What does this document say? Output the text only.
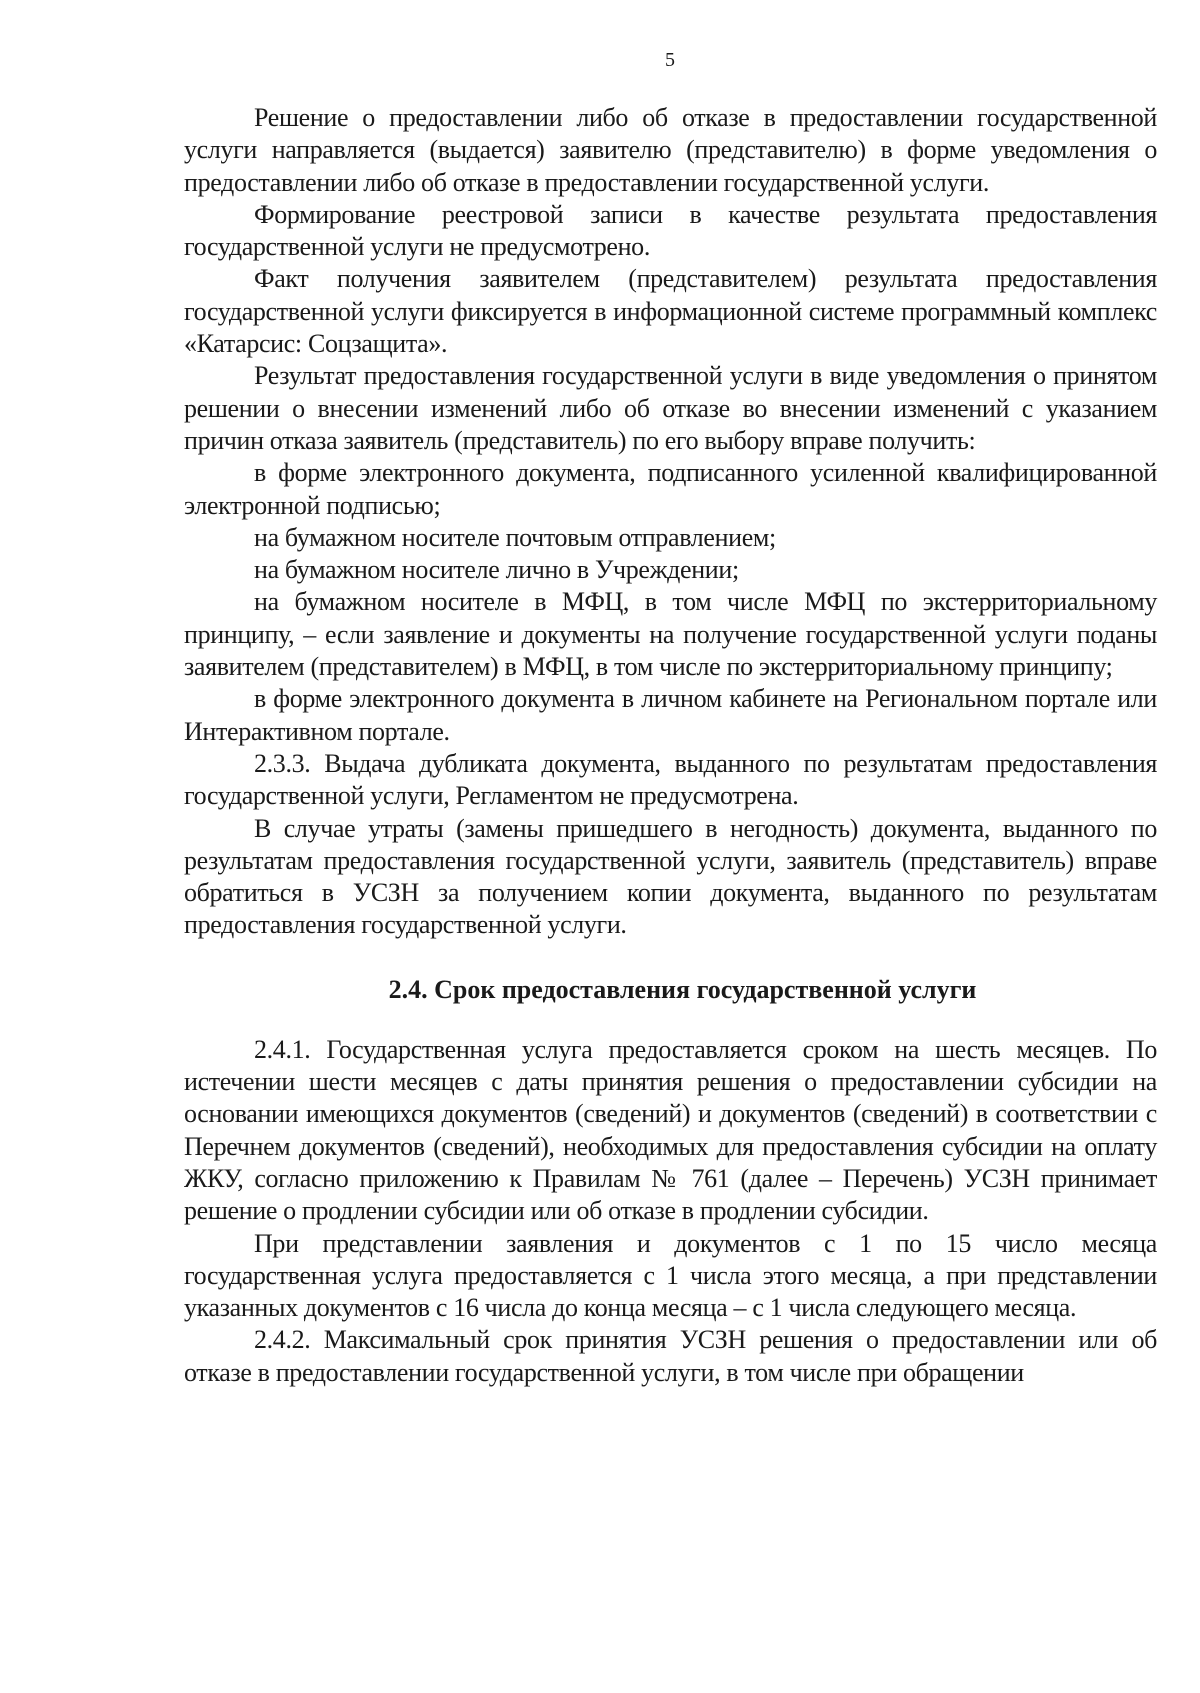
5

Решение о предоставлении либо об отказе в предоставлении государственной услуги направляется (выдается) заявителю (представителю) в форме уведомления о предоставлении либо об отказе в предоставлении государственной услуги.

Формирование реестровой записи в качестве результата предоставления государственной услуги не предусмотрено.

Факт получения заявителем (представителем) результата предоставления государственной услуги фиксируется в информационной системе программный комплекс «Катарсис: Соцзащита».

Результат предоставления государственной услуги в виде уведомления о принятом решении о внесении изменений либо об отказе во внесении изменений с указанием причин отказа заявитель (представитель) по его выбору вправе получить:

в форме электронного документа, подписанного усиленной квалифицированной электронной подписью;

на бумажном носителе почтовым отправлением;

на бумажном носителе лично в Учреждении;

на бумажном носителе в МФЦ, в том числе МФЦ по экстерриториальному принципу, – если заявление и документы на получение государственной услуги поданы заявителем (представителем) в МФЦ, в том числе по экстерриториальному принципу;

в форме электронного документа в личном кабинете на Региональном портале или Интерактивном портале.

2.3.3. Выдача дубликата документа, выданного по результатам предоставления государственной услуги, Регламентом не предусмотрена.

В случае утраты (замены пришедшего в негодность) документа, выданного по результатам предоставления государственной услуги, заявитель (представитель) вправе обратиться в УСЗН за получением копии документа, выданного по результатам предоставления государственной услуги.

2.4. Срок предоставления государственной услуги

2.4.1. Государственная услуга предоставляется сроком на шесть месяцев. По истечении шести месяцев с даты принятия решения о предоставлении субсидии на основании имеющихся документов (сведений) и документов (сведений) в соответствии с Перечнем документов (сведений), необходимых для предоставления субсидии на оплату ЖКУ, согласно приложению к Правилам № 761 (далее – Перечень) УСЗН принимает решение о продлении субсидии или об отказе в продлении субсидии.

При представлении заявления и документов с 1 по 15 число месяца государственная услуга предоставляется с 1 числа этого месяца, а при представлении указанных документов с 16 числа до конца месяца – с 1 числа следующего месяца.

2.4.2. Максимальный срок принятия УСЗН решения о предоставлении или об отказе в предоставлении государственной услуги, в том числе при обращении
